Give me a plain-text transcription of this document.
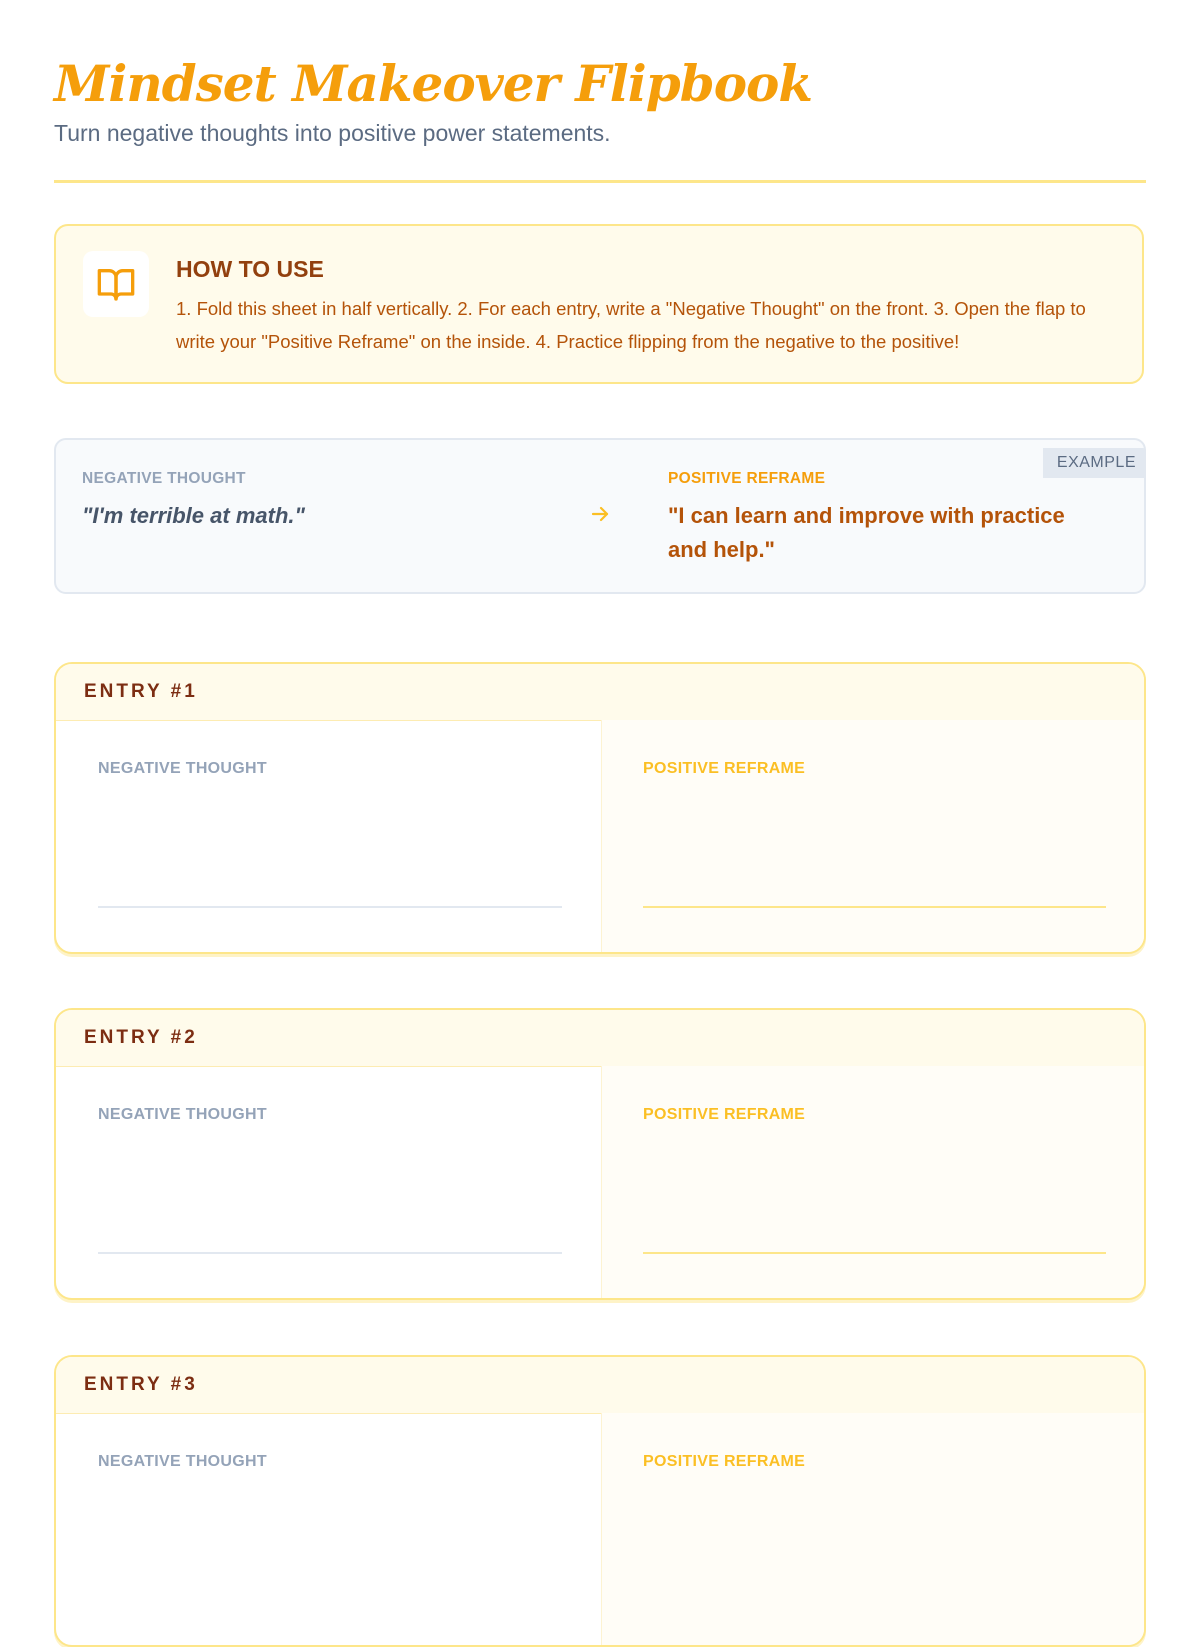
Mindset Makeover Flipbook
Turn negative thoughts into positive power statements.
HOW TO USE
1. Fold this sheet in half vertically. 2. For each entry, write a "Negative Thought" on the front. 3. Open the flap to write your "Positive Reframe" on the inside. 4. Practice flipping from the negative to the positive!
EXAMPLE
NEGATIVE THOUGHT
"I'm terrible at math."
POSITIVE REFRAME
"I can learn and improve with practice and help."
ENTRY #1
NEGATIVE THOUGHT	POSITIVE REFRAME
ENTRY #2
NEGATIVE THOUGHT	POSITIVE REFRAME
ENTRY #3
NEGATIVE THOUGHT	POSITIVE REFRAME
